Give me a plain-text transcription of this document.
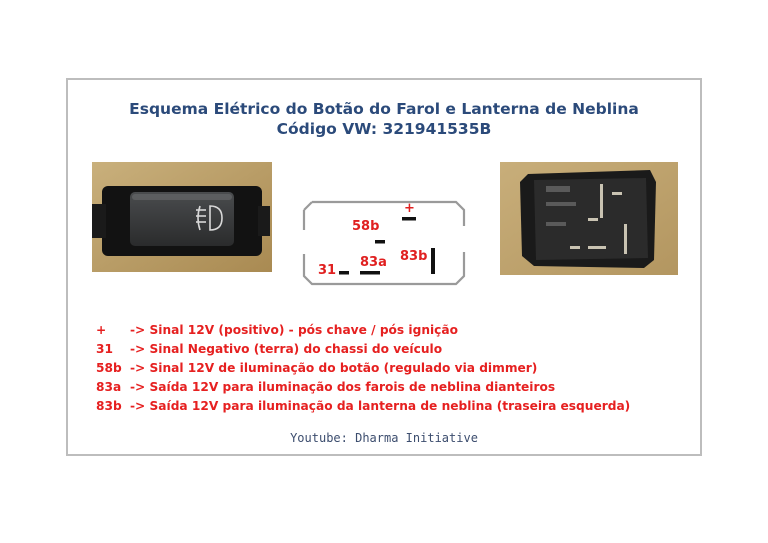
Esquema Elétrico do Botão do Farol e Lanterna de Neblina
Código VW: 321941535B
+
58b
83b
31
83a
+	-> Sinal 12V (positivo) - pós chave / pós ignição
31	-> Sinal Negativo (terra) do chassi do veículo
58b -> Sinal 12V de iluminação do botão (regulado via dimmer)
83a -> Saída 12V para iluminação dos farois de neblina dianteiros
83b -> Saída 12V para iluminação da lanterna de neblina (traseira esquerda)
Youtube: Dharma Initiative
